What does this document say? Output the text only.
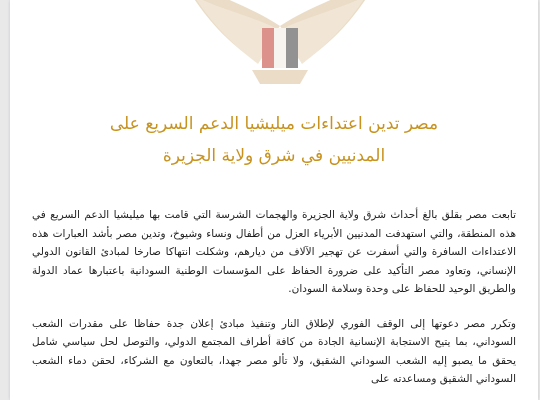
مصر تدين اعتداءات ميليشيا الدعم السريع على
المدنيين في شرق ولاية الجزيرة

تابعت مصر بقلق بالغ أحداث شرق ولاية الجزيرة والهجمات الشرسة التي قامت بها ميليشيا الدعم السريع في هذه المنطقة، والتي استهدفت المدنيين الأبرياء العزل من أطفال ونساء وشيوخ، وتدين مصر بأشد العبارات هذه الاعتداءات السافرة والتي أسفرت عن تهجير الآلاف من ديارهم، وشكلت انتهاكا صارخا لمبادئ القانون الدولي الإنساني، وتعاود مصر التأكيد على ضرورة الحفاظ على المؤسسات الوطنية السودانية باعتبارها عماد الدولة والطريق الوحيد للحفاظ على وحدة وسلامة السودان.

وتكرر مصر دعوتها إلى الوقف الفوري لإطلاق النار وتنفيذ مبادئ إعلان جدة حفاظا على مقدرات الشعب السوداني، بما يتيح الاستجابة الإنسانية الجادة من كافة أطراف المجتمع الدولي، والتوصل لحل سياسي شامل يحقق ما يصبو إليه الشعب السوداني الشقيق، ولا تألو مصر جهدا، بالتعاون مع الشركاء، لحقن دماء الشعب السوداني الشقيق ومساعدته على
